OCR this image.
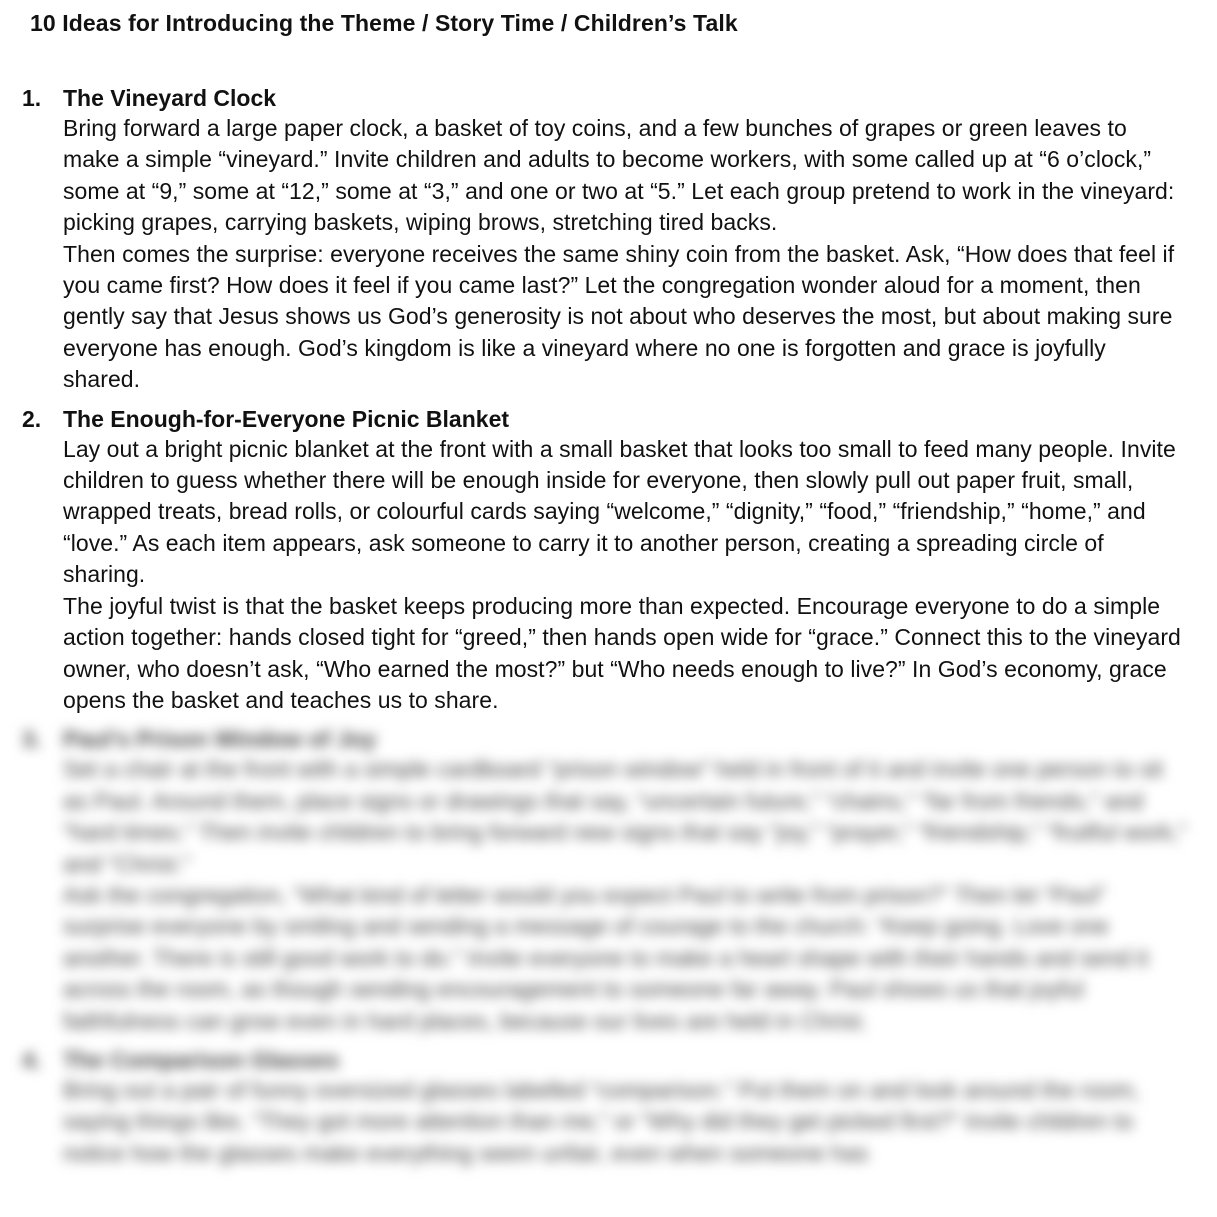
10 Ideas for Introducing the Theme / Story Time / Children’s Talk
1. The Vineyard Clock
Bring forward a large paper clock, a basket of toy coins, and a few bunches of grapes or green leaves to make a simple “vineyard.” Invite children and adults to become workers, with some called up at “6 o’clock,” some at “9,” some at “12,” some at “3,” and one or two at “5.” Let each group pretend to work in the vineyard: picking grapes, carrying baskets, wiping brows, stretching tired backs.
Then comes the surprise: everyone receives the same shiny coin from the basket. Ask, “How does that feel if you came first? How does it feel if you came last?” Let the congregation wonder aloud for a moment, then gently say that Jesus shows us God’s generosity is not about who deserves the most, but about making sure everyone has enough. God’s kingdom is like a vineyard where no one is forgotten and grace is joyfully shared.
2. The Enough-for-Everyone Picnic Blanket
Lay out a bright picnic blanket at the front with a small basket that looks too small to feed many people. Invite children to guess whether there will be enough inside for everyone, then slowly pull out paper fruit, small, wrapped treats, bread rolls, or colourful cards saying “welcome,” “dignity,” “food,” “friendship,” “home,” and “love.” As each item appears, ask someone to carry it to another person, creating a spreading circle of sharing.
The joyful twist is that the basket keeps producing more than expected. Encourage everyone to do a simple action together: hands closed tight for “greed,” then hands open wide for “grace.” Connect this to the vineyard owner, who doesn’t ask, “Who earned the most?” but “Who needs enough to live?” In God’s economy, grace opens the basket and teaches us to share.
3. Paul’s Prison Window of Joy
Set a chair at the front with a simple cardboard “prison window” held in front of it and invite one person to sit as Paul. Around them, place signs or drawings that say, “uncertain future,” “chains,” “far from friends,” and “hard times.” Then invite children to bring forward new signs that say “joy,” “prayer,” “friendship,” “fruitful work,” and “Christ.”
Ask the congregation, “What kind of letter would you expect Paul to write from prison?” Then let “Paul” surprise everyone by smiling and sending a message of courage to the church: “Keep going. Love one another. There is still good work to do.” Invite everyone to make a heart shape with their hands and send it across the room, as though sending encouragement to someone far away. Paul shows us that joyful faithfulness can grow even in hard places, because our lives are held in Christ.
4. The Comparison Glasses
Bring out a pair of funny oversized glasses labelled “comparison.” Put them on and look around the room, saying things like, “They got more attention than me,” or “Why did they get picked first?” Invite children to notice how the glasses make everything seem unfair, even when someone has
